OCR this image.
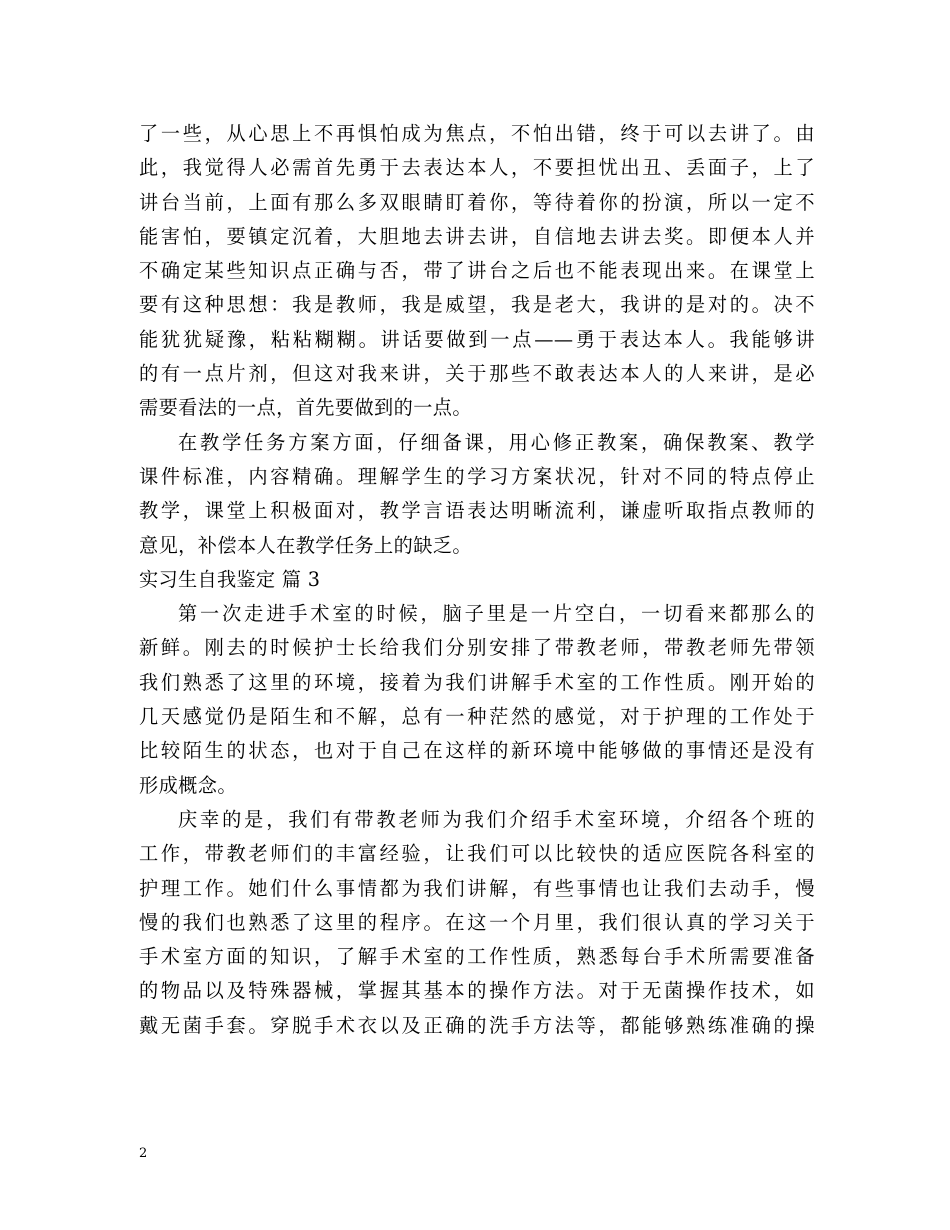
了一些，从心思上不再惧怕成为焦点，不怕出错，终于可以去讲了。由

此，我觉得人必需首先勇于去表达本人，不要担忧出丑、丢面子，上了

讲台当前，上面有那么多双眼睛盯着你，等待着你的扮演，所以一定不

能害怕，要镇定沉着，大胆地去讲去讲，自信地去讲去奖。即便本人并

不确定某些知识点正确与否，带了讲台之后也不能表现出来。在课堂上

要有这种思想：我是教师，我是威望，我是老大，我讲的是对的。决不

能犹犹疑豫，粘粘糊糊。讲话要做到一点——勇于表达本人。我能够讲

的有一点片剂，但这对我来讲，关于那些不敢表达本人的人来讲，是必

需要看法的一点，首先要做到的一点。

在教学任务方案方面，仔细备课，用心修正教案，确保教案、教学

课件标准，内容精确。理解学生的学习方案状况，针对不同的特点停止

教学，课堂上积极面对，教学言语表达明晰流利，谦虚听取指点教师的

意见，补偿本人在教学任务上的缺乏。

实习生自我鉴定 篇 3

第一次走进手术室的时候，脑子里是一片空白，一切看来都那么的

新鲜。刚去的时候护士长给我们分别安排了带教老师，带教老师先带领

我们熟悉了这里的环境，接着为我们讲解手术室的工作性质。刚开始的

几天感觉仍是陌生和不解，总有一种茫然的感觉，对于护理的工作处于

比较陌生的状态，也对于自己在这样的新环境中能够做的事情还是没有

形成概念。

庆幸的是，我们有带教老师为我们介绍手术室环境，介绍各个班的

工作，带教老师们的丰富经验，让我们可以比较快的适应医院各科室的

护理工作。她们什么事情都为我们讲解，有些事情也让我们去动手，慢

慢的我们也熟悉了这里的程序。在这一个月里，我们很认真的学习关于

手术室方面的知识，了解手术室的工作性质，熟悉每台手术所需要准备

的物品以及特殊器械，掌握其基本的操作方法。对于无菌操作技术，如

戴无菌手套。穿脱手术衣以及正确的洗手方法等，都能够熟练准确的操

2
